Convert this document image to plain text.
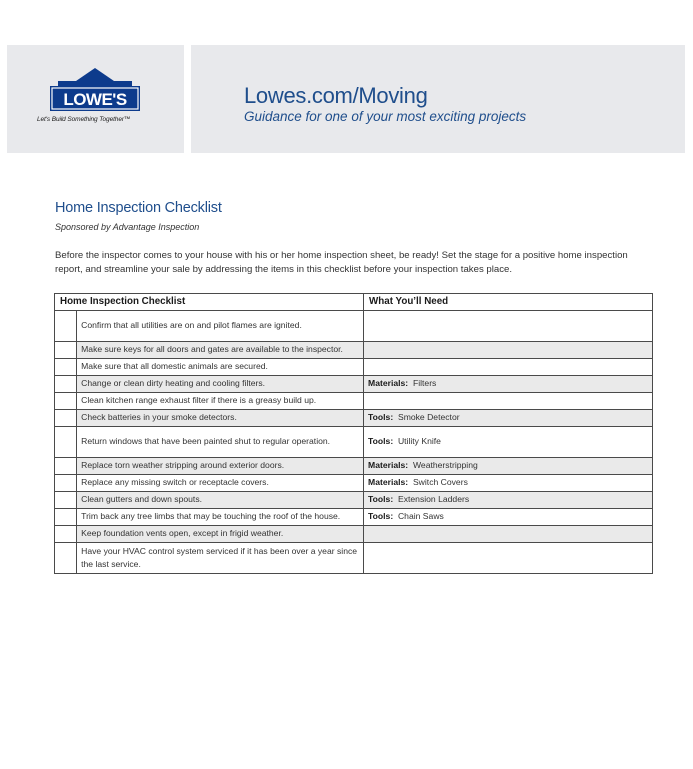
LOWE'S
Let's Build Something Together™
Lowes.com/Moving
Guidance for one of your most exciting projects
Home Inspection Checklist
Sponsored by Advantage Inspection
Before the inspector comes to your house with his or her home inspection sheet, be ready! Set the stage for a positive home inspection report, and streamline your sale by addressing the items in this checklist before your inspection takes place.
Home Inspection Checklist		What You’ll Need
	Confirm that all utilities are on and pilot flames are ignited.	
	Make sure keys for all doors and gates are available to the inspector.	
	Make sure that all domestic animals are secured.	
	Change or clean dirty heating and cooling filters.	Materials: Filters
	Clean kitchen range exhaust filter if there is a greasy build up.	
	Check batteries in your smoke detectors.	Tools: Smoke Detector
	Return windows that have been painted shut to regular operation.	Tools: Utility Knife
	Replace torn weather stripping around exterior doors.	Materials: Weatherstripping
	Replace any missing switch or receptacle covers.	Materials: Switch Covers
	Clean gutters and down spouts.	Tools: Extension Ladders
	Trim back any tree limbs that may be touching the roof of the house.	Tools: Chain Saws
	Keep foundation vents open, except in frigid weather.	
	Have your HVAC control system serviced if it has been over a year since the last service.	
